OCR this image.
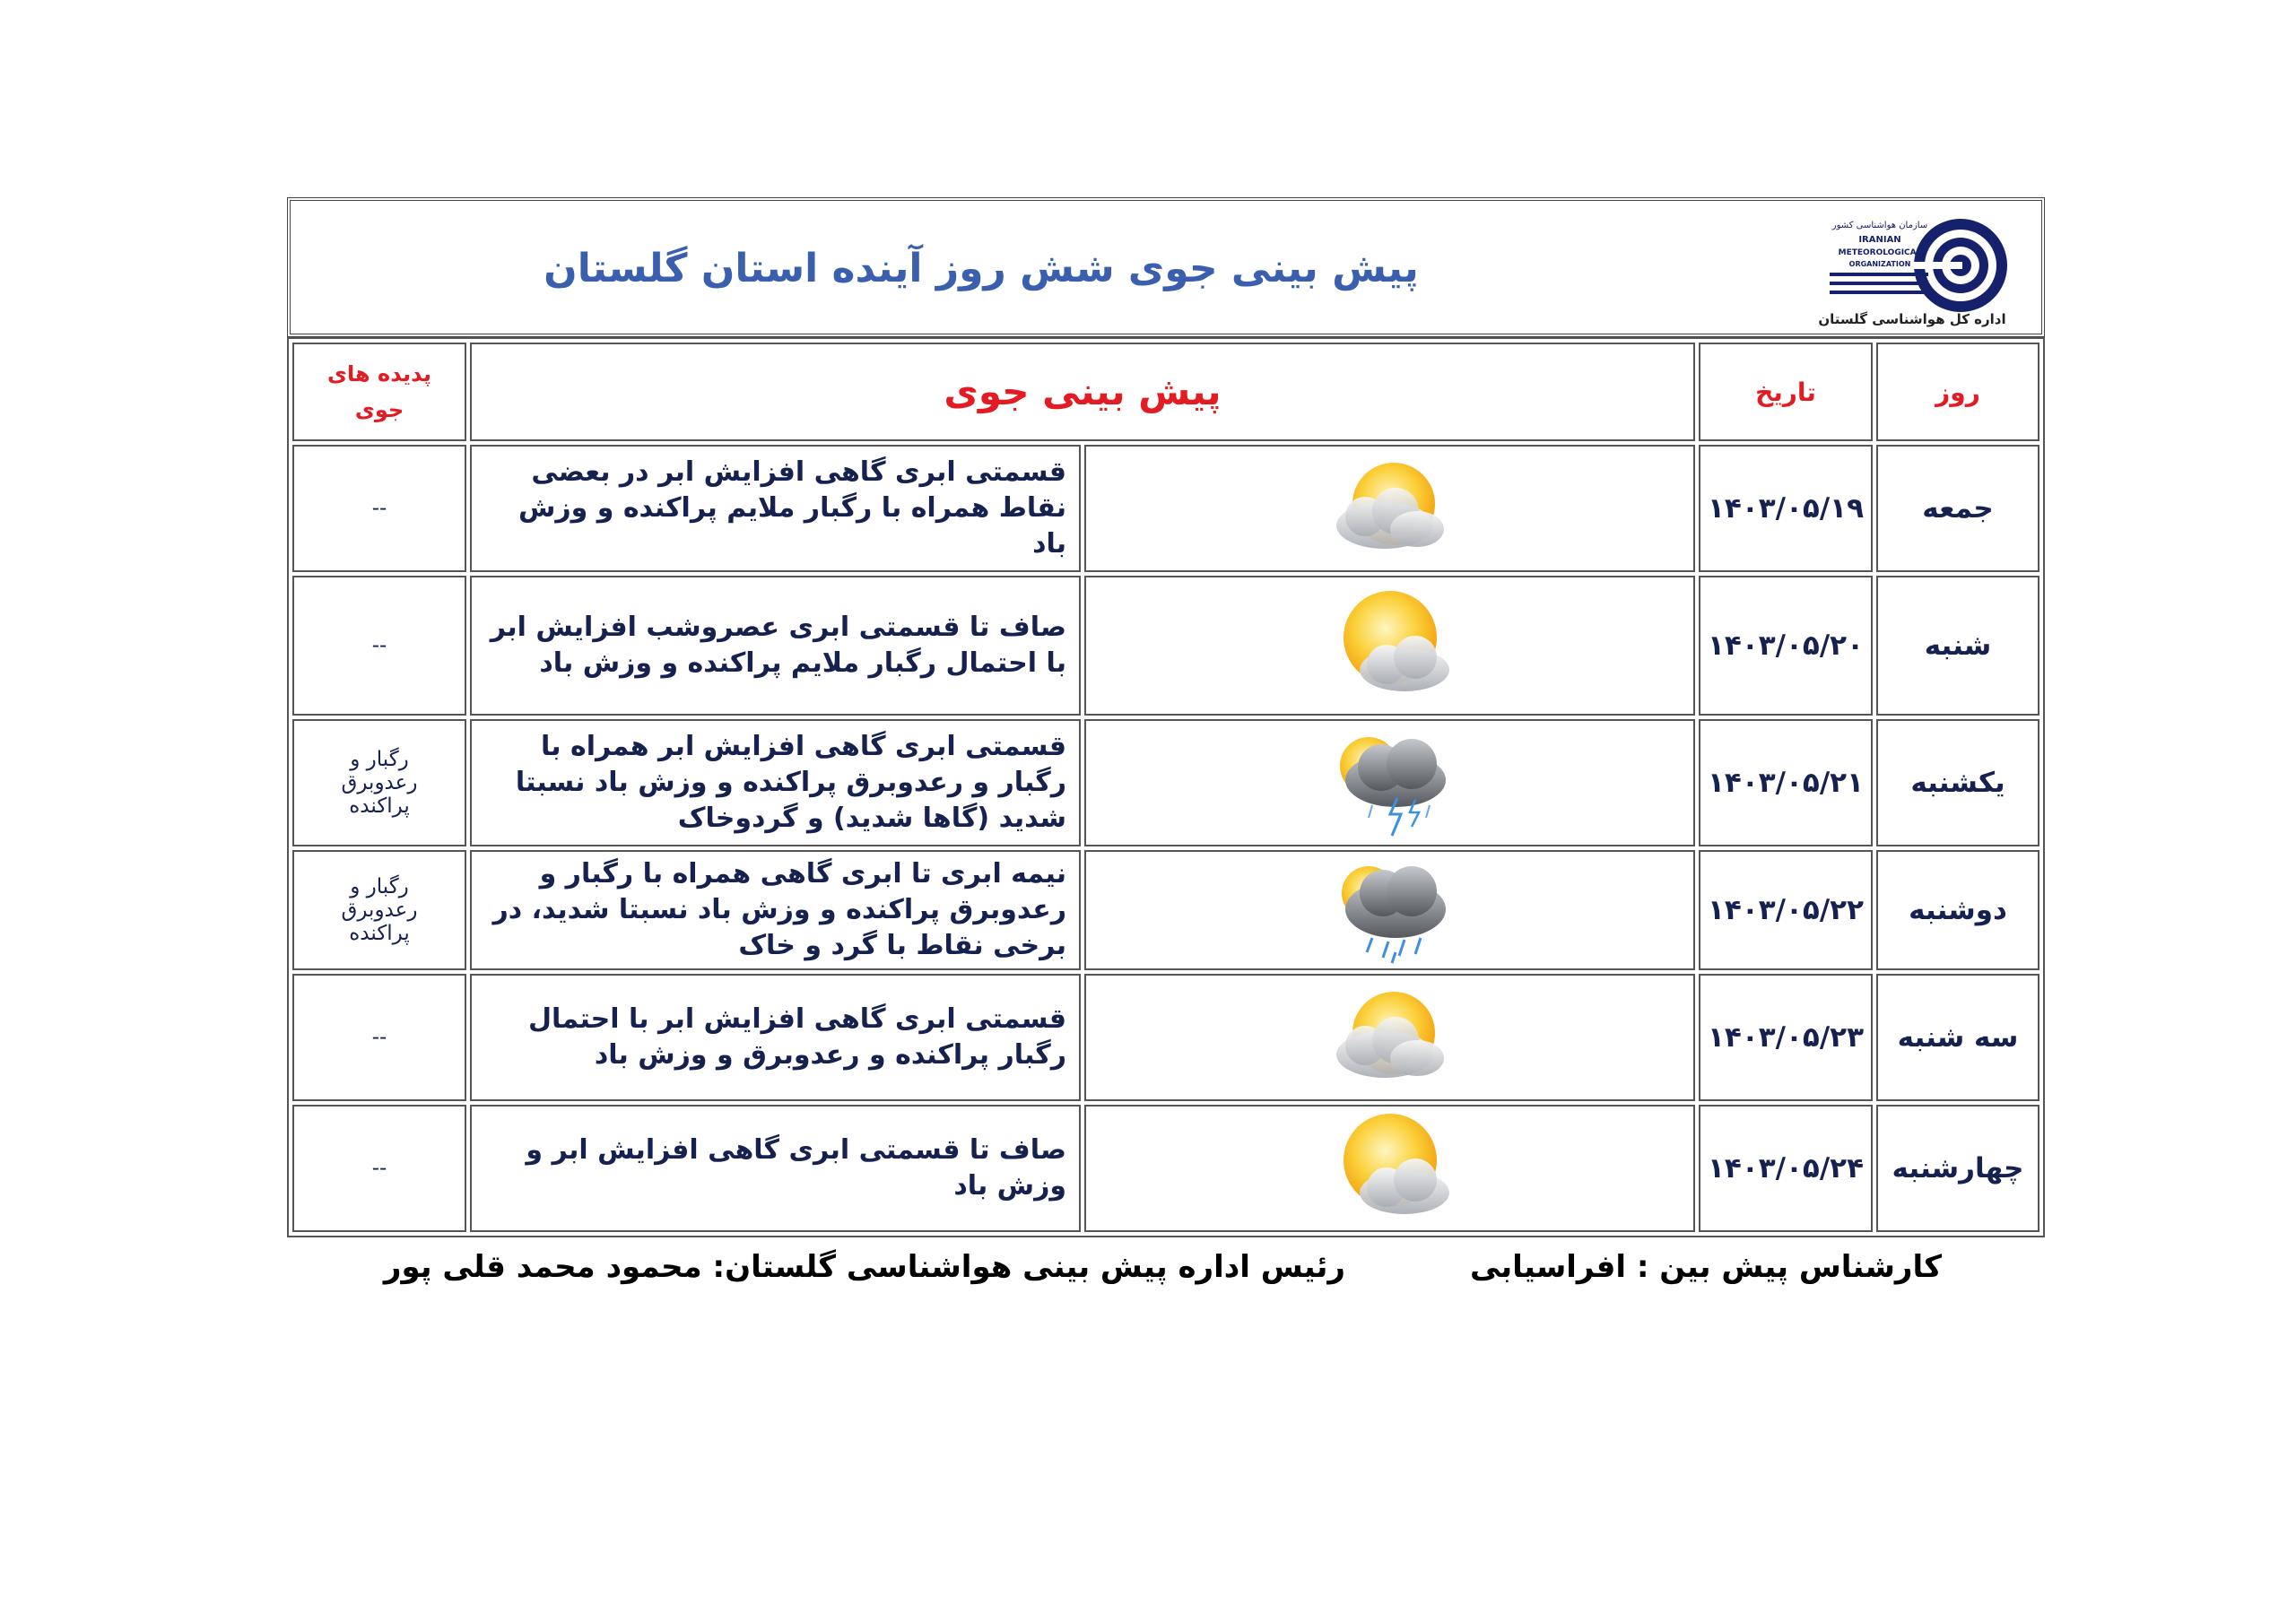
پیش بینی جوی شش روز آینده استان گلستان
سازمان هواشناسی کشور
IRANIAN
METEOROLOGICAL
ORGANIZATION
اداره کل هواشناسی گلستان
روز	تاریخ	پیش بینی جوی		پدیده های
جوی

جمعه	۱۴۰۳/۰۵/۱۹		قسمتی ابری گاهی افزایش ابر در بعضی نقاط همراه با رگبار ملایم پراکنده و وزش باد	--

شنبه	۱۴۰۳/۰۵/۲۰		صاف تا قسمتی ابری عصروشب افزایش ابر با احتمال رگبار ملایم پراکنده و وزش باد	--

یکشنبه	۱۴۰۳/۰۵/۲۱		قسمتی ابری گاهی افزایش ابر همراه با رگبار و رعدوبرق پراکنده و وزش باد نسبتا شدید (گاها شدید) و گردوخاک	رگبار و
رعدوبرق
پراکنده

دوشنبه	۱۴۰۳/۰۵/۲۲		نیمه ابری تا ابری گاهی همراه با رگبار و رعدوبرق پراکنده و وزش باد نسبتا شدید، در برخی نقاط با گرد و خاک	رگبار و
رعدوبرق
پراکنده

سه شنبه	۱۴۰۳/۰۵/۲۳		قسمتی ابری گاهی افزایش ابر با احتمال رگبار پراکنده و رعدوبرق و وزش باد	--

چهارشنبه	۱۴۰۳/۰۵/۲۴		صاف تا قسمتی ابری گاهی افزایش ابر و وزش باد	--
کارشناس پیش بین : افراسیابی
رئیس اداره پیش بینی هواشناسی گلستان: محمود محمد قلی پور
